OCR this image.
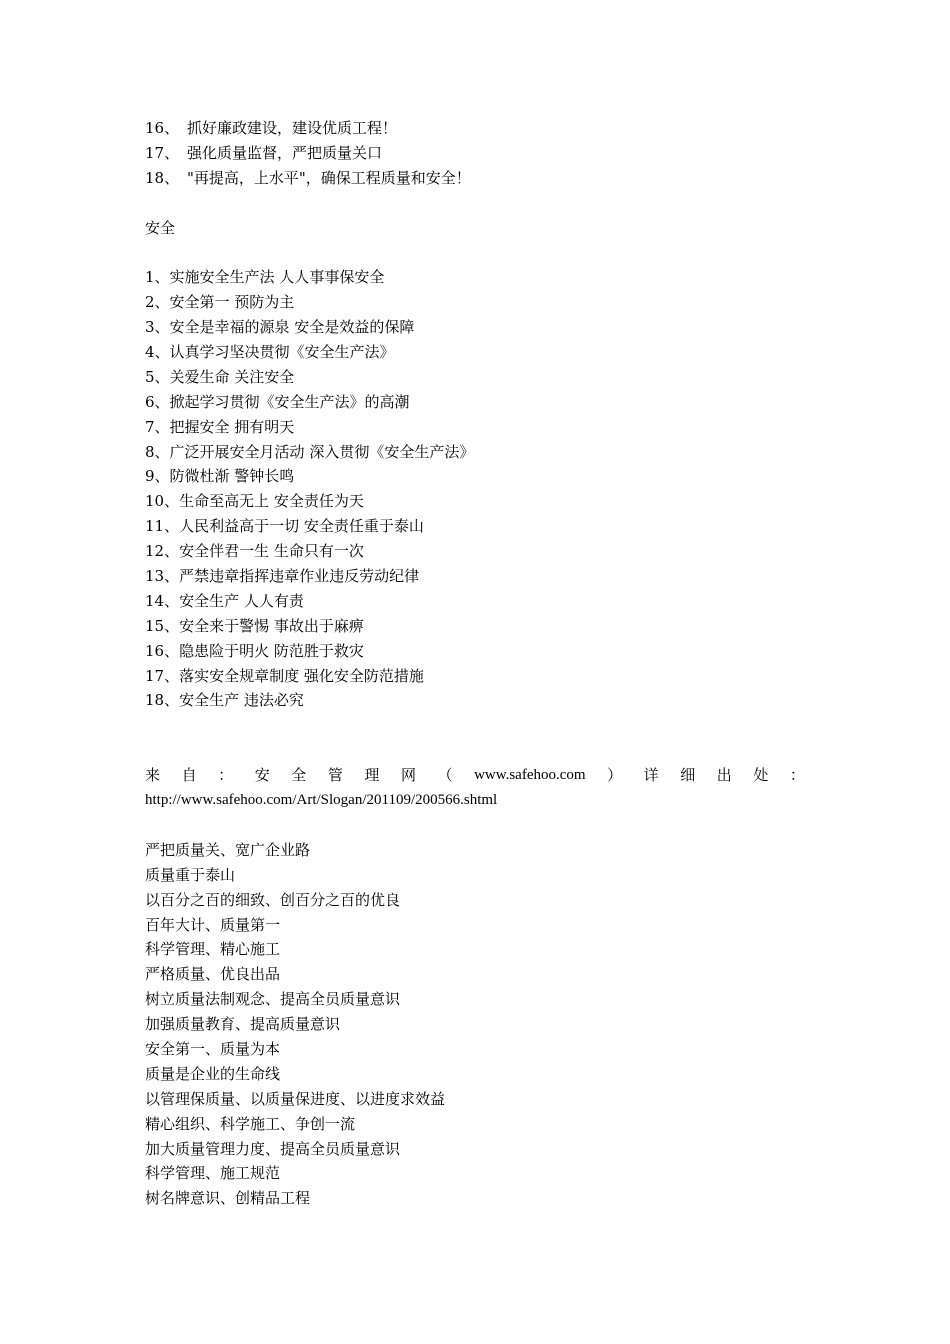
16、 抓好廉政建设，建设优质工程！
17、 强化质量监督，严把质量关口
18、 "再提高，上水平"，确保工程质量和安全！
安全
1、实施安全生产法 人人事事保安全
2、安全第一 预防为主
3、安全是幸福的源泉 安全是效益的保障
4、认真学习坚决贯彻《安全生产法》
5、关爱生命 关注安全
6、掀起学习贯彻《安全生产法》的高潮
7、把握安全 拥有明天
8、广泛开展安全月活动 深入贯彻《安全生产法》
9、防微杜渐 警钟长鸣
10、生命至高无上 安全责任为天
11、人民利益高于一切 安全责任重于泰山
12、安全伴君一生 生命只有一次
13、严禁违章指挥违章作业违反劳动纪律
14、安全生产 人人有责
15、安全来于警惕 事故出于麻痹
16、隐患险于明火 防范胜于救灾
17、落实安全规章制度 强化安全防范措施
18、安全生产 违法必究
来 自 ： 安 全 管 理 网 （ www.safehoo.com ） 详 细 出 处 ：
http://www.safehoo.com/Art/Slogan/201109/200566.shtml
严把质量关、宽广企业路
质量重于泰山
以百分之百的细致、创百分之百的优良
百年大计、质量第一
科学管理、精心施工
严格质量、优良出品
树立质量法制观念、提高全员质量意识
加强质量教育、提高质量意识
安全第一、质量为本
质量是企业的生命线
以管理保质量、以质量保进度、以进度求效益
精心组织、科学施工、争创一流
加大质量管理力度、提高全员质量意识
科学管理、施工规范
树名牌意识、创精品工程
